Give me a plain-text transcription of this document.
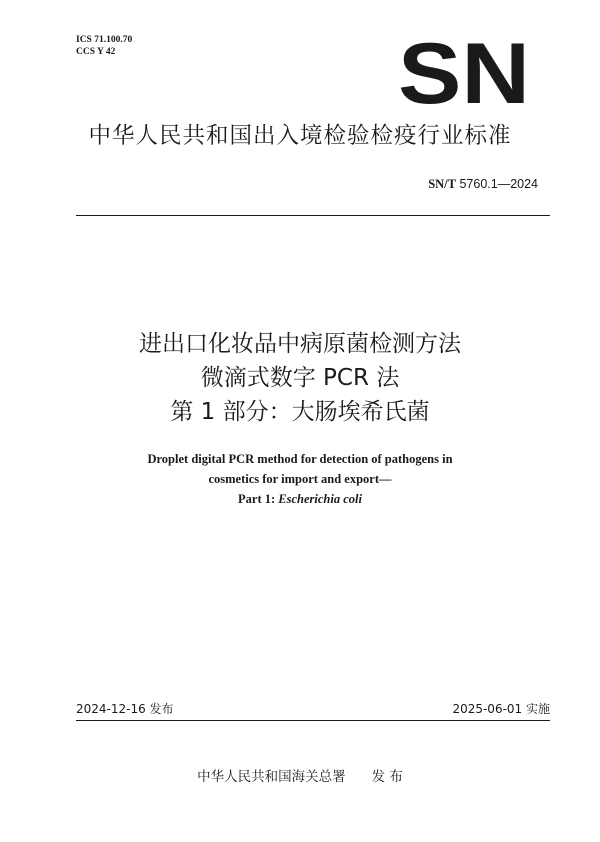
ICS 71.100.70
CCS Y 42	SN
中华人民共和国出入境检验检疫行业标准
SN/T 5760.1—2024
进出口化妆品中病原菌检测方法
微滴式数字 PCR 法
第 1 部分：大肠埃希氏菌
Droplet digital PCR method for detection of pathogens in
cosmetics for import and export—
Part 1: Escherichia coli
2024-12-16 发布	2025-06-01 实施
中华人民共和国海关总署 发 布
